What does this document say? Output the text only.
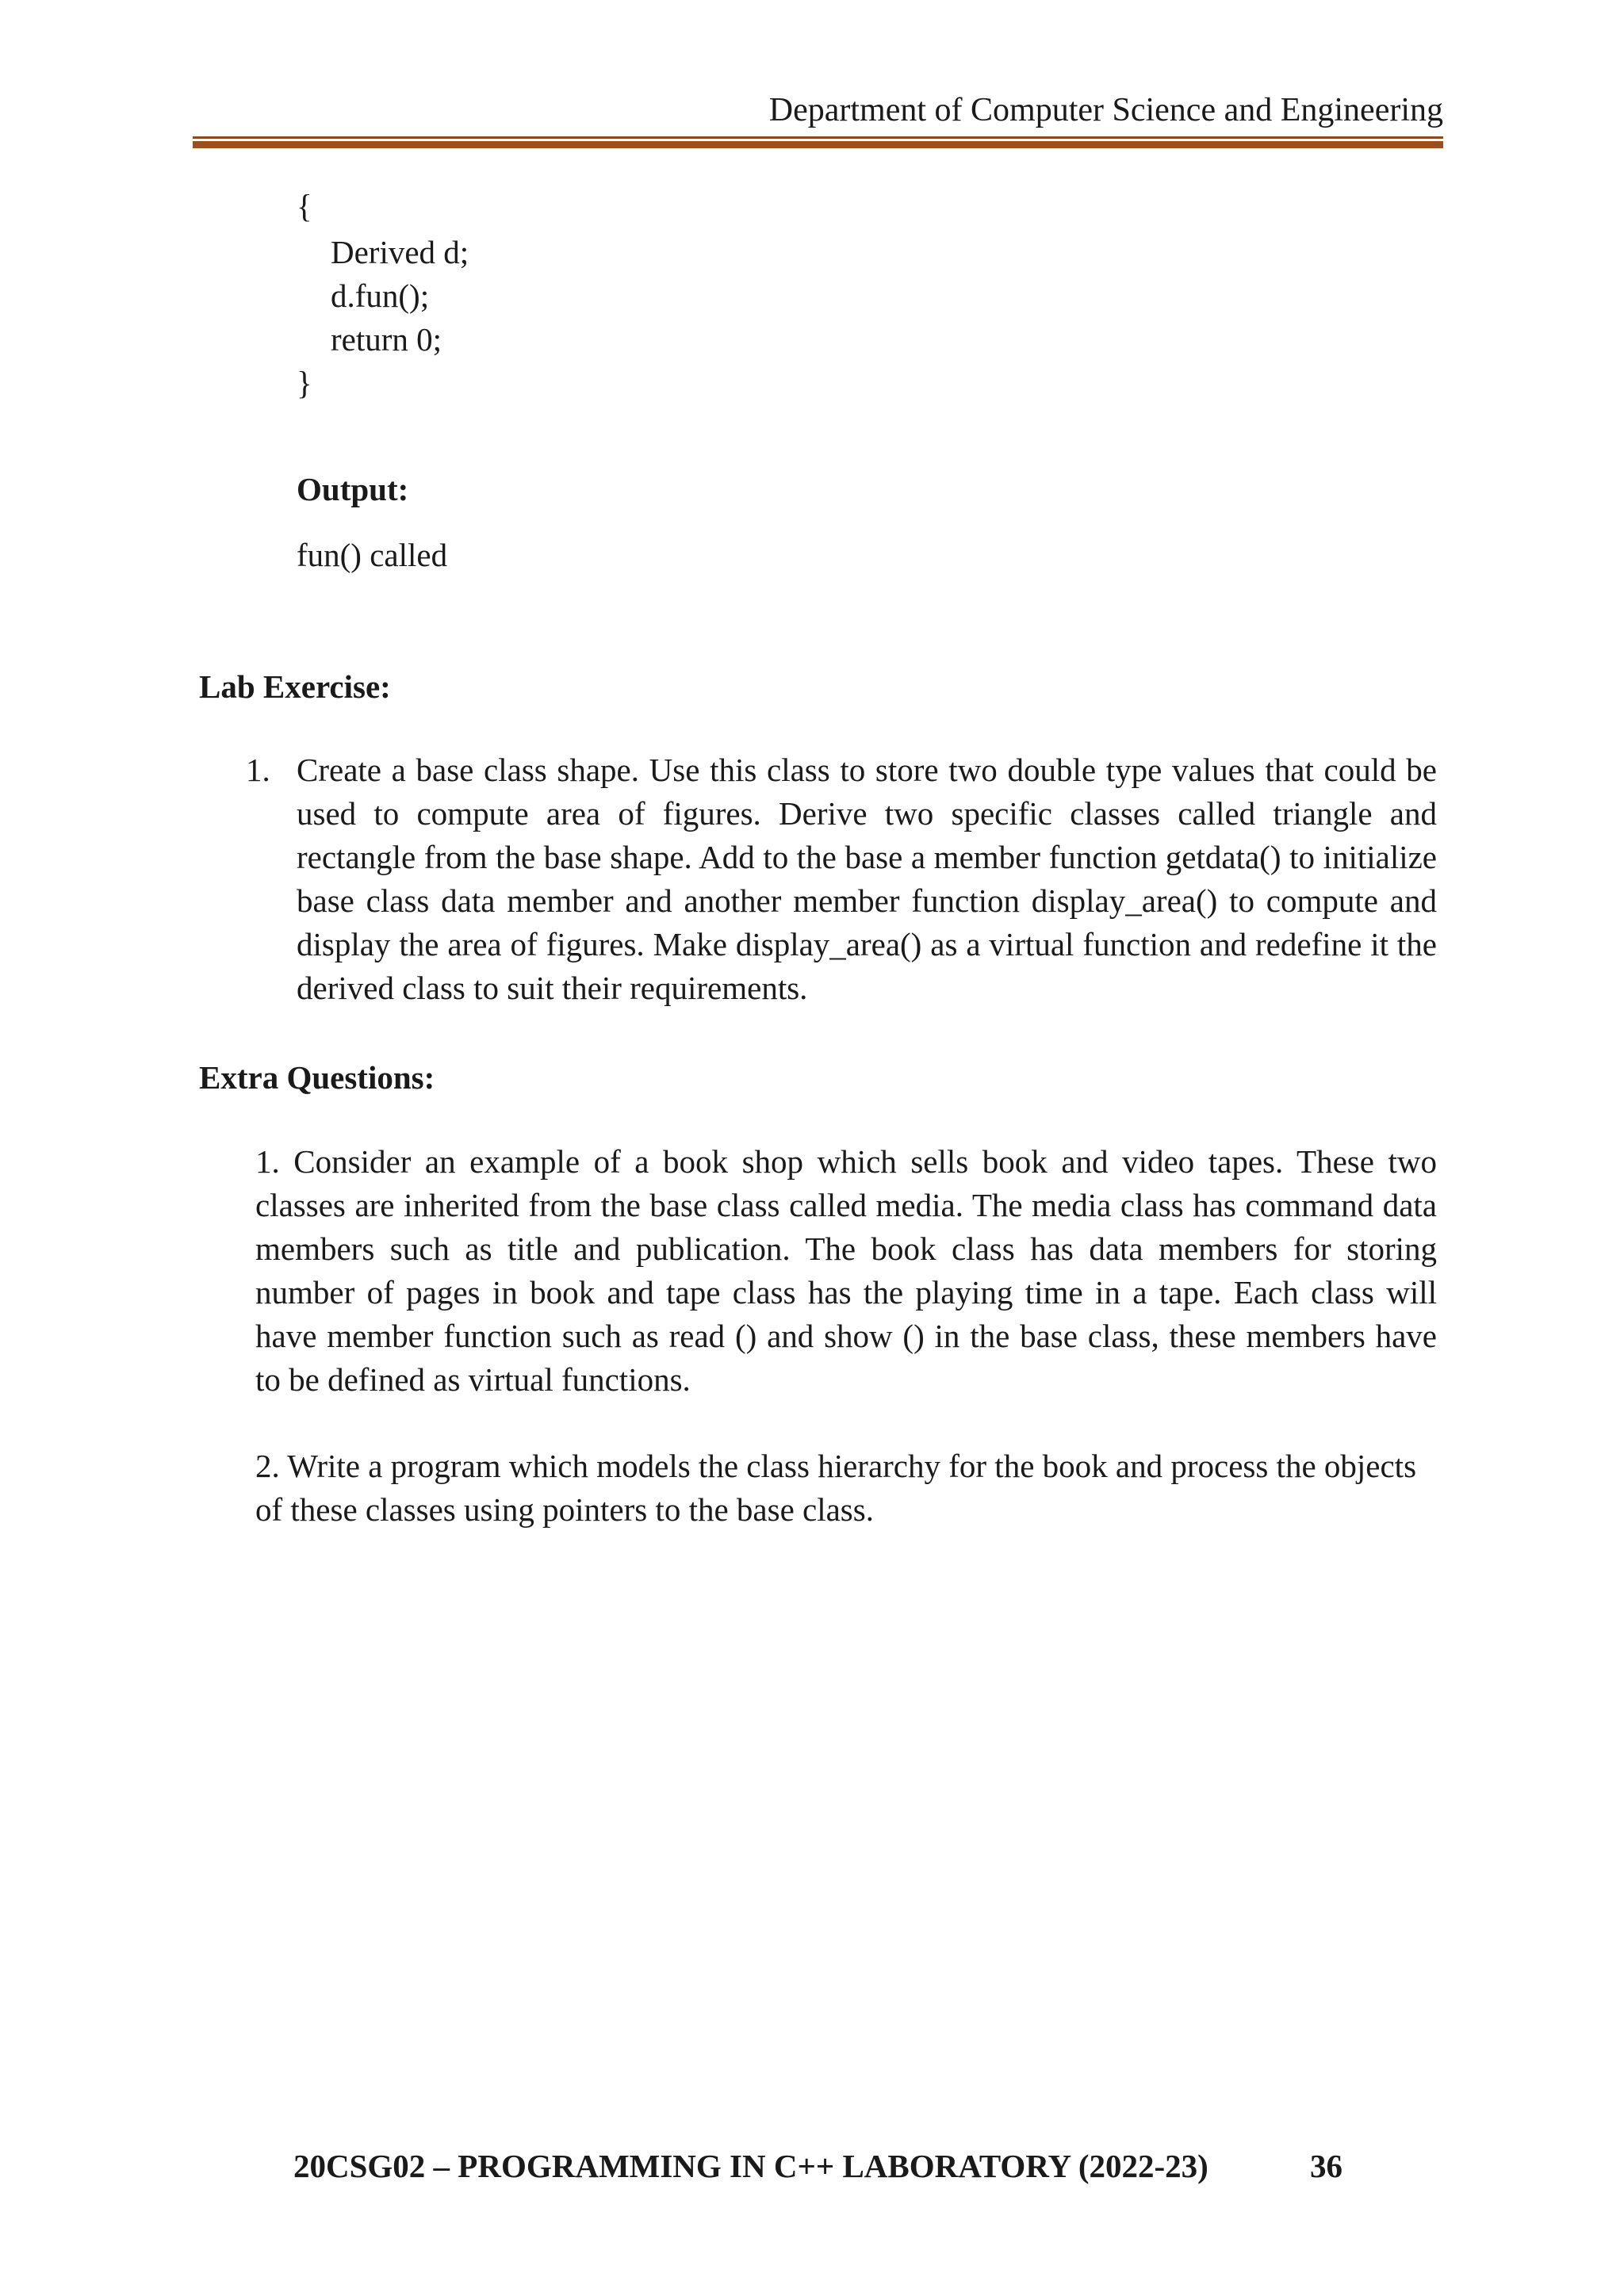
Department of Computer Science and Engineering
{
Derived d;
d.fun();
return 0;
}
Output:
fun() called
Lab Exercise:
1. Create a base class shape. Use this class to store two double type values that could be used to compute area of figures. Derive two specific classes called triangle and rectangle from the base shape. Add to the base a member function getdata() to initialize base class data member and another member function display_area() to compute and display the area of figures. Make display_area() as a virtual function and redefine it the derived class to suit their requirements.
Extra Questions:
1. Consider an example of a book shop which sells book and video tapes. These two classes are inherited from the base class called media. The media class has command data members such as title and publication. The book class has data members for storing number of pages in book and tape class has the playing time in a tape. Each class will have member function such as read () and show () in the base class, these members have to be defined as virtual functions.
2. Write a program which models the class hierarchy for the book and process the objects of these classes using pointers to the base class.
20CSG02 – PROGRAMMING IN C++ LABORATORY (2022-23)	36
